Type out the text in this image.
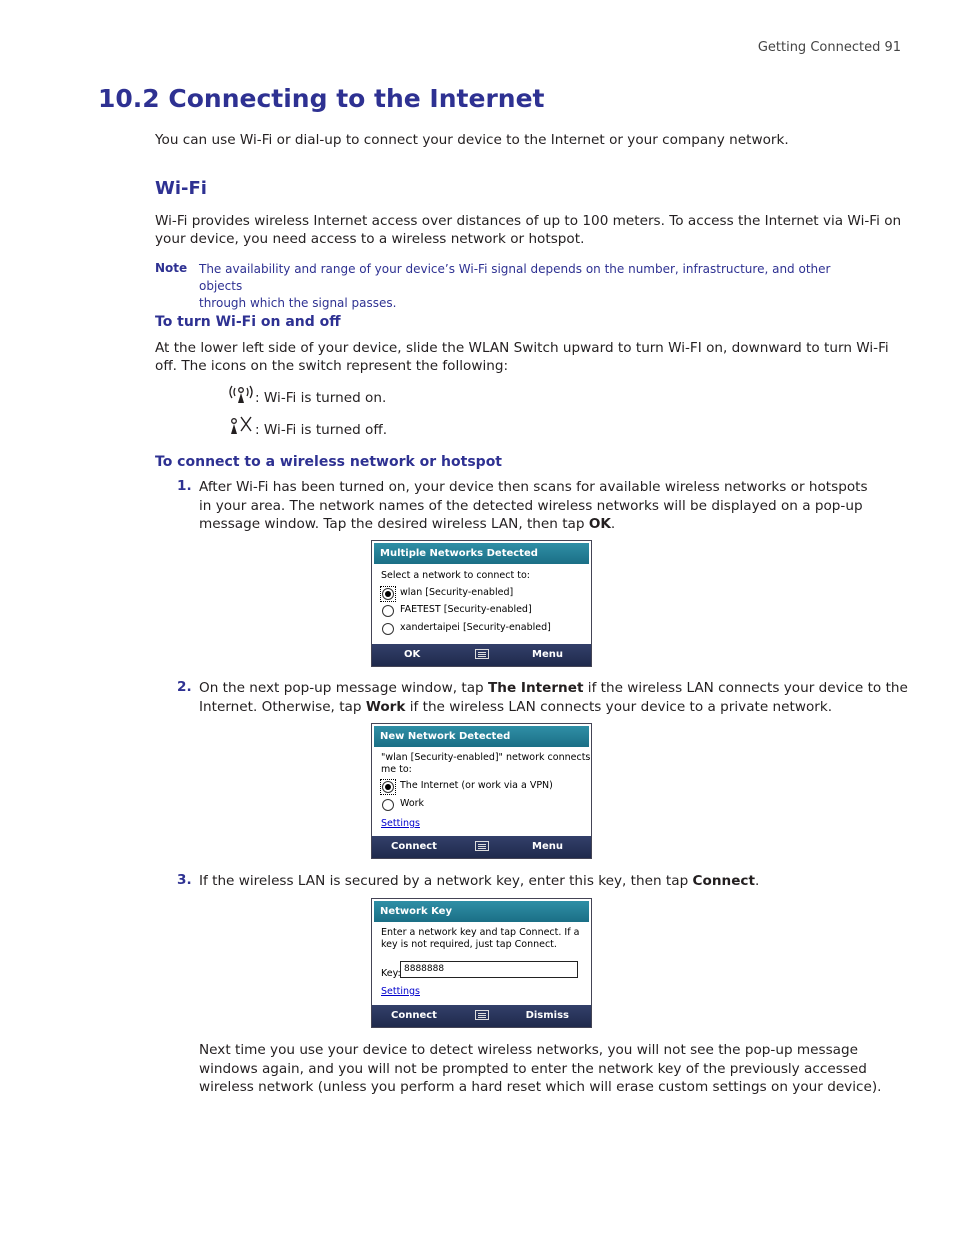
Getting Connected 91
10.2 Connecting to the Internet
You can use Wi-Fi or dial-up to connect your device to the Internet or your company network.
Wi-Fi
Wi-Fi provides wireless Internet access over distances of up to 100 meters. To access the Internet via Wi-Fi on
your device, you need access to a wireless network or hotspot.
Note The availability and range of your device’s Wi-Fi signal depends on the number, infrastructure, and other objects
through which the signal passes.
To turn Wi-Fi on and off
At the lower left side of your device, slide the WLAN Switch upward to turn Wi-FI on, downward to turn Wi-Fi
off. The icons on the switch represent the following:
: Wi-Fi is turned on.
: Wi-Fi is turned off.
To connect to a wireless network or hotspot
1. After Wi-Fi has been turned on, your device then scans for available wireless networks or hotspots
in your area. The network names of the detected wireless networks will be displayed on a pop-up
message window. Tap the desired wireless LAN, then tap OK.
Multiple Networks Detected
Select a network to connect to:
wlan [Security-enabled]
FAETEST [Security-enabled]
xandertaipei [Security-enabled]
OK	Menu
2. On the next pop-up message window, tap The Internet if the wireless LAN connects your device to the
Internet. Otherwise, tap Work if the wireless LAN connects your device to a private network.
New Network Detected
"wlan [Security-enabled]" network connects
me to:
The Internet (or work via a VPN)
Work
Settings
Connect	Menu
3. If the wireless LAN is secured by a network key, enter this key, then tap Connect.
Network Key
Enter a network key and tap Connect. If a
key is not required, just tap Connect.
Key: 8888888
Settings
Connect	Dismiss
Next time you use your device to detect wireless networks, you will not see the pop-up message
windows again, and you will not be prompted to enter the network key of the previously accessed
wireless network (unless you perform a hard reset which will erase custom settings on your device).
